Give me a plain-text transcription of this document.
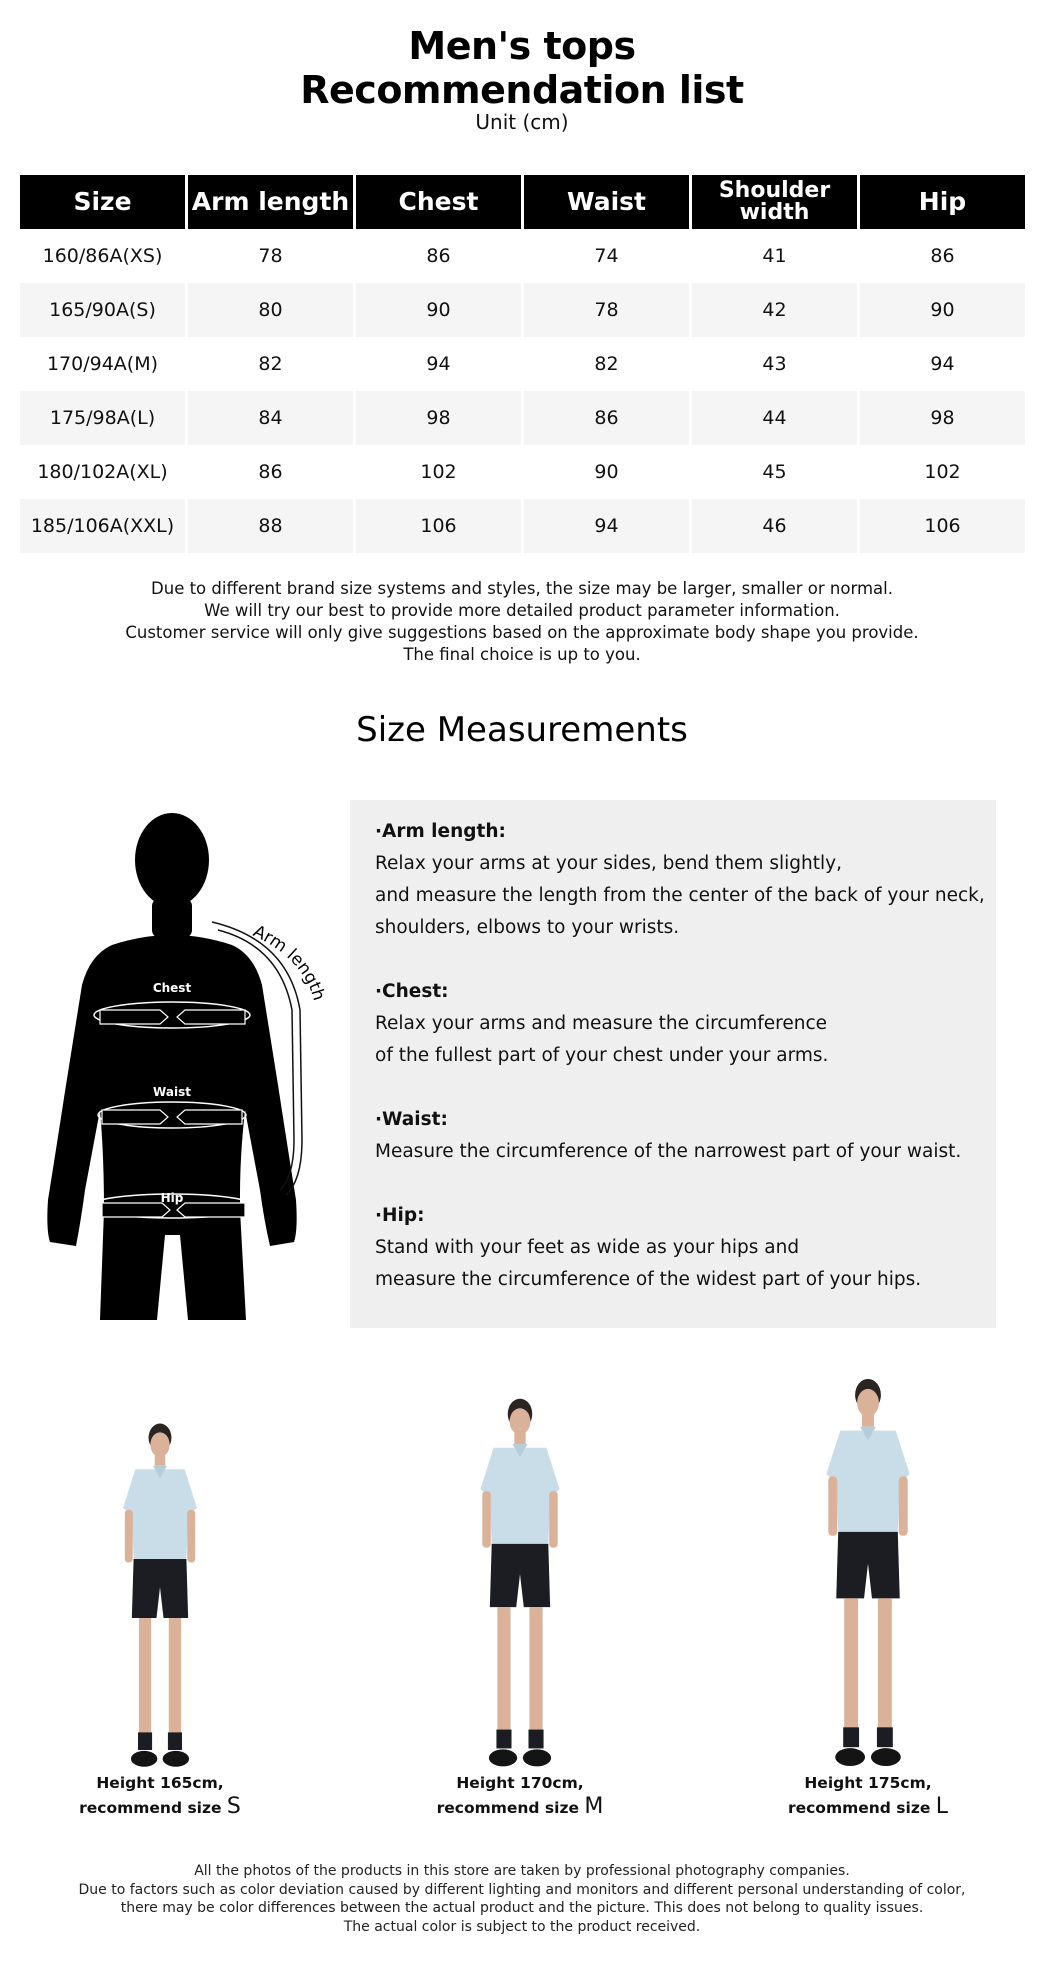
Men's tops
Recommendation list
Unit (cm)
Size	Arm length	Chest	Waist	Shoulder
width	Hip
160/86A(XS)	78	86	74	41	86
165/90A(S)	80	90	78	42	90
170/94A(M)	82	94	82	43	94
175/98A(L)	84	98	86	44	98
180/102A(XL)	86	102	90	45	102
185/106A(XXL)	88	106	94	46	106
Due to different brand size systems and styles, the size may be larger, smaller or normal.
We will try our best to provide more detailed product parameter information.
Customer service will only give suggestions based on the approximate body shape you provide.
The final choice is up to you.
Size Measurements
Arm length
Chest
Waist
Hip
·Arm length:
Relax your arms at your sides, bend them slightly,
and measure the length from the center of the back of your neck,
shoulders, elbows to your wrists.
·Chest:
Relax your arms and measure the circumference
of the fullest part of your chest under your arms.
·Waist:
Measure the circumference of the narrowest part of your waist.
·Hip:
Stand with your feet as wide as your hips and
measure the circumference of the widest part of your hips.
Height 165cm,
recommend size S
Height 170cm,
recommend size M
Height 175cm,
recommend size L
All the photos of the products in this store are taken by professional photography companies.
Due to factors such as color deviation caused by different lighting and monitors and different personal understanding of color,
there may be color differences between the actual product and the picture. This does not belong to quality issues.
The actual color is subject to the product received.
